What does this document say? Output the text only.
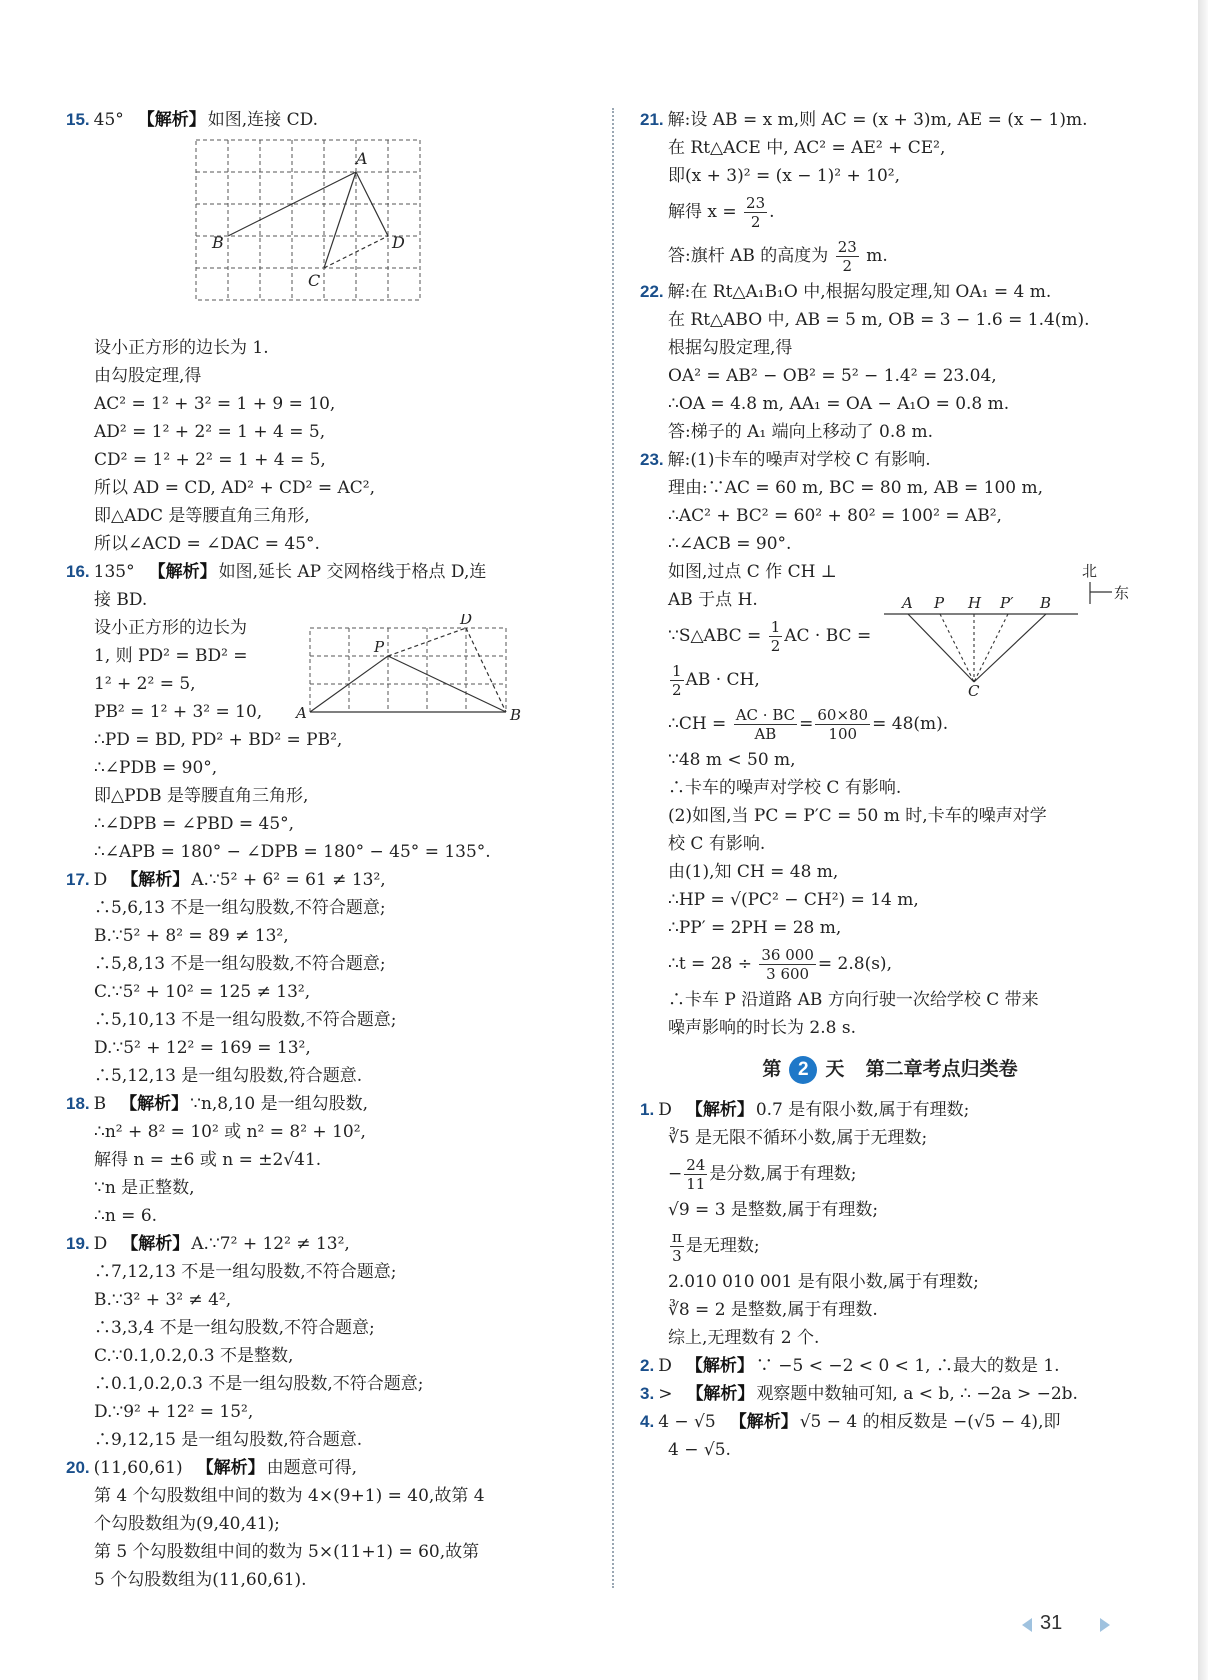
15. 45° 【解析】 如图,连接 CD.
A
B
C
D
设小正方形的边长为 1.
由勾股定理,得
AC² = 1² + 3² = 1 + 9 = 10,
AD² = 1² + 2² = 1 + 4 = 5,
CD² = 1² + 2² = 1 + 4 = 5,
所以 AD = CD, AD² + CD² = AC²,
即△ADC 是等腰直角三角形,
所以∠ACD = ∠DAC = 45°.
16. 135° 【解析】 如图,延长 AP 交网格线于格点 D,连
接 BD.
设小正方形的边长为
1, 则 PD² = BD² =
1² + 2² = 5,
PB² = 1² + 3² = 10, A	B
P
D
∴PD = BD, PD² + BD² = PB²,
∴∠PDB = 90°,
即△PDB 是等腰直角三角形,
∴∠DPB = ∠PBD = 45°,
∴∠APB = 180° − ∠DPB = 180° − 45° = 135°.
17. D 【解析】 A.∵5² + 6² = 61 ≠ 13²,
∴5,6,13 不是一组勾股数,不符合题意;
B.∵5² + 8² = 89 ≠ 13²,
∴5,8,13 不是一组勾股数,不符合题意;
C.∵5² + 10² = 125 ≠ 13²,
∴5,10,13 不是一组勾股数,不符合题意;
D.∵5² + 12² = 169 = 13²,
∴5,12,13 是一组勾股数,符合题意.
18. B 【解析】 ∵n,8,10 是一组勾股数,
∴n² + 8² = 10² 或 n² = 8² + 10²,
解得 n = ±6 或 n = ±2√41.
∵n 是正整数,
∴n = 6.
19. D 【解析】 A.∵7² + 12² ≠ 13²,
∴7,12,13 不是一组勾股数,不符合题意;
B.∵3² + 3² ≠ 4²,
∴3,3,4 不是一组勾股数,不符合题意;
C.∵0.1,0.2,0.3 不是整数,
∴0.1,0.2,0.3 不是一组勾股数,不符合题意;
D.∵9² + 12² = 15²,
∴9,12,15 是一组勾股数,符合题意.
20. (11,60,61) 【解析】 由题意可得,
第 4 个勾股数组中间的数为 4×(9+1) = 40,故第 4
个勾股数组为(9,40,41);
第 5 个勾股数组中间的数为 5×(11+1) = 60,故第
5 个勾股数组为(11,60,61).
21. 解:设 AB = x m,则 AC = (x + 3)m, AE = (x − 1)m.
在 Rt△ACE 中, AC² = AE² + CE²,
即(x + 3)² = (x − 1)² + 10²,
解得 $x = \frac{23}{2}$ .
答:旗杆 AB 的高度为 $\frac{23}{2} m$.
22. 解:在 Rt△A₁B₁O 中,根据勾股定理,知 OA₁ = 4 m.
在 Rt△ABO 中, AB = 5 m, OB = 3 − 1.6 = 1.4(m).
根据勾股定理,得
OA² = AB² − OB² = 5² − 1.4² = 23.04,
∴OA = 4.8 m, AA₁ = OA − A₁O = 0.8 m.
答:梯子的 A₁ 端向上移动了 0.8 m.
23. 解:(1)卡车的噪声对学校 C 有影响.
理由:∵AC = 60 m, BC = 80 m, AB = 100 m,
∴AC² + BC² = 60² + 80² = 100² = AB²,
∴∠ACB = 90°.
如图,过点 C 作 CH ⊥
AB 于点 H.
∵S△ABC = $\frac{1}{2}$ AC · BC =
$\frac{1}{2}$ AB · CH,
北
东
A P H P′ B
C
∴CH = $\frac{AC \cdot BC}{AB} = \frac{60\times 80}{100} = 48(m)$.
∵48 m < 50 m,
∴卡车的噪声对学校 C 有影响.
(2)如图,当 PC = P′C = 50 m 时,卡车的噪声对学
校 C 有影响.
由(1),知 CH = 48 m,
∴HP = √(PC² − CH²) = 14 m,
∴PP′ = 2PH = 28 m,
∴t = $28 \div \frac{36 000}{3 600} = 2.8(s)$,
∴卡车 P 沿道路 AB 方向行驶一次给学校 C 带来
噪声影响的时长为 2.8 s.
第 2 天 第二章考点归类卷
1. D 【解析】 0.7 是有限小数,属于有理数;
∛5 是无限不循环小数,属于无理数;
− $\frac{24}{11}$ 是分数,属于有理数;
√9 = 3 是整数,属于有理数;
$\frac{\pi}{3}$ 是无理数;
2.010 010 001 是有限小数,属于有理数;
∛8 = 2 是整数,属于有理数.
综上,无理数有 2 个.
2. D 【解析】 ∵ −5 < −2 < 0 < 1, ∴最大的数是 1.
3. > 【解析】 观察题中数轴可知, a < b, ∴ −2a > −2b.
4. 4 − √5 【解析】 √5 − 4 的相反数是 −(√5 − 4),即
4 − √5.
31
